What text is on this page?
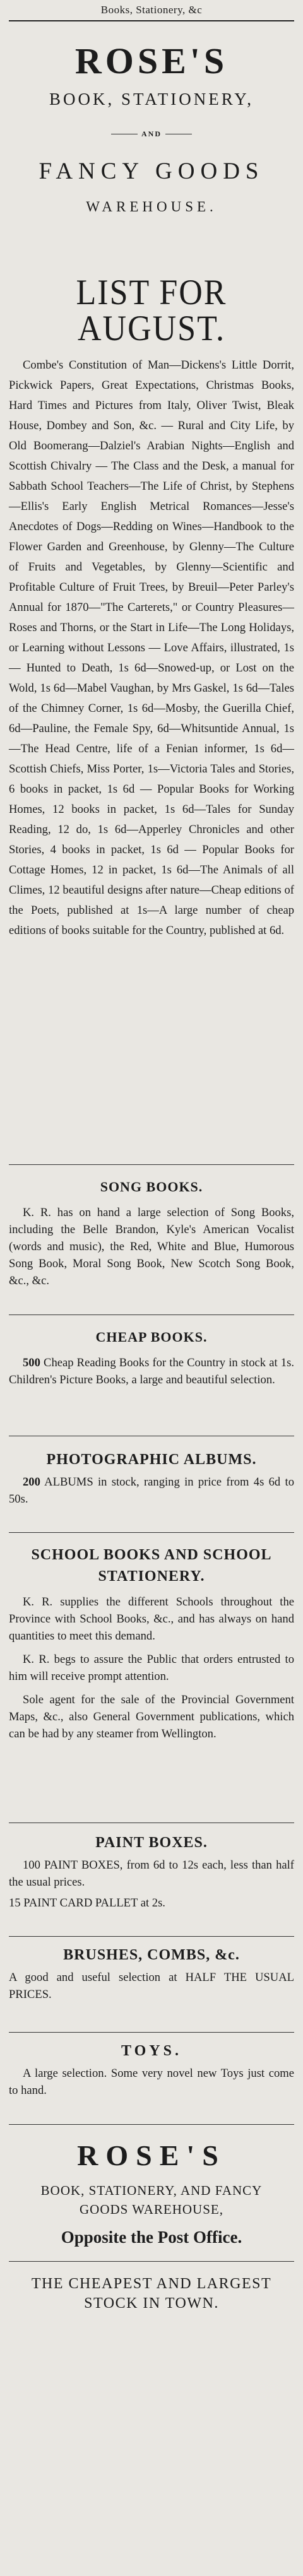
Books, Stationery, &c
ROSE'S
BOOK, STATIONERY,
AND
FANCY GOODS
WAREHOUSE.
LIST FOR AUGUST.
Combe's Constitution of Man—Dickens's Little Dorrit, Pickwick Papers, Great Expectations, Christmas Books, Hard Times and Pictures from Italy, Oliver Twist, Bleak House, Dombey and Son, &c. — Rural and City Life, by Old Boomerang—Dalziel's Arabian Nights—English and Scottish Chivalry — The Class and the Desk, a manual for Sabbath School Teachers—The Life of Christ, by Stephens—Ellis's Early English Metrical Romances—Jesse's Anecdotes of Dogs—Redding on Wines—Handbook to the Flower Garden and Greenhouse, by Glenny—The Culture of Fruits and Vegetables, by Glenny—Scientific and Profitable Culture of Fruit Trees, by Breuil—Peter Parley's Annual for 1870—"The Carterets," or Country Pleasures—Roses and Thorns, or the Start in Life—The Long Holidays, or Learning without Lessons — Love Affairs, illustrated, 1s — Hunted to Death, 1s 6d—Snowed-up, or Lost on the Wold, 1s 6d—Mabel Vaughan, by Mrs Gaskel, 1s 6d—Tales of the Chimney Corner, 1s 6d—Mosby, the Guerilla Chief, 6d—Pauline, the Female Spy, 6d—Whitsuntide Annual, 1s—The Head Centre, life of a Fenian informer, 1s 6d—Scottish Chiefs, Miss Porter, 1s—Victoria Tales and Stories, 6 books in packet, 1s 6d — Popular Books for Working Homes, 12 books in packet, 1s 6d—Tales for Sunday Reading, 12 do, 1s 6d—Apperley Chronicles and other Stories, 4 books in packet, 1s 6d — Popular Books for Cottage Homes, 12 in packet, 1s 6d—The Animals of all Climes, 12 beautiful designs after nature—Cheap editions of the Poets, published at 1s—A large number of cheap editions of books suitable for the Country, published at 6d.
SONG BOOKS.
K. R. has on hand a large selection of Song Books, including the Belle Brandon, Kyle's American Vocalist (words and music), the Red, White and Blue, Humorous Song Book, Moral Song Book, New Scotch Song Book, &c., &c.
CHEAP BOOKS.
500 Cheap Reading Books for the Country in stock at 1s. Children's Picture Books, a large and beautiful selection.
PHOTOGRAPHIC ALBUMS.
200 ALBUMS in stock, ranging in price from 4s 6d to 50s.
SCHOOL BOOKS AND SCHOOL STATIONERY.
K. R. supplies the different Schools throughout the Province with School Books, &c., and has always on hand quantities to meet this demand.
K. R. begs to assure the Public that orders entrusted to him will receive prompt attention.
Sole agent for the sale of the Provincial Government Maps, &c., also General Government publications, which can be had by any steamer from Wellington.
PAINT BOXES.
100 PAINT BOXES, from 6d to 12s each, less than half the usual prices.
15 PAINT CARD PALLET at 2s.
BRUSHES, COMBS, &c.
A good and useful selection at HALF THE USUAL PRICES.
TOYS.
A large selection. Some very novel new Toys just come to hand.
ROSE'S
BOOK, STATIONERY, AND FANCY
GOODS WAREHOUSE,
Opposite the Post Office.
THE CHEAPEST AND LARGEST
STOCK IN TOWN.
